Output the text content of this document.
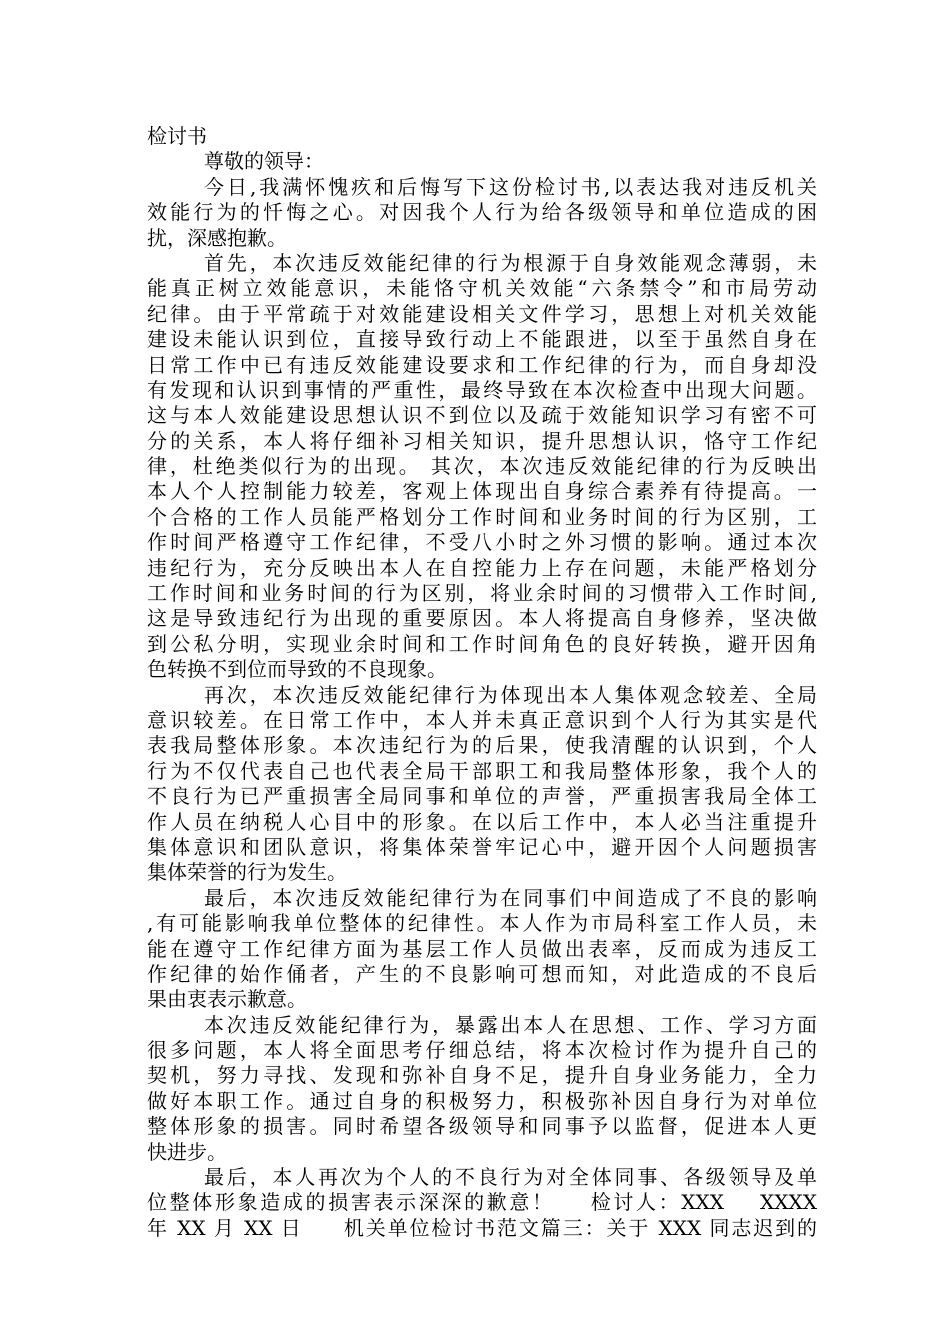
检讨书
尊敬的领导：
今日,我满怀愧疚和后悔写下这份检讨书,以表达我对违反机关
效能行为的忏悔之心。对因我个人行为给各级领导和单位造成的困
扰，深感抱歉。
首先，本次违反效能纪律的行为根源于自身效能观念薄弱，未
能真正树立效能意识，未能恪守机关效能“六条禁令”和市局劳动
纪律。由于平常疏于对效能建设相关文件学习，思想上对机关效能
建设未能认识到位，直接导致行动上不能跟进，以至于虽然自身在
日常工作中已有违反效能建设要求和工作纪律的行为，而自身却没
有发现和认识到事情的严重性，最终导致在本次检查中出现大问题。
这与本人效能建设思想认识不到位以及疏于效能知识学习有密不可
分的关系，本人将仔细补习相关知识，提升思想认识，恪守工作纪
律，杜绝类似行为的出现。 其次，本次违反效能纪律的行为反映出
本人个人控制能力较差，客观上体现出自身综合素养有待提高。一
个合格的工作人员能严格划分工作时间和业务时间的行为区别，工
作时间严格遵守工作纪律，不受八小时之外习惯的影响。通过本次
违纪行为，充分反映出本人在自控能力上存在问题，未能严格划分
工作时间和业务时间的行为区别，将业余时间的习惯带入工作时间,
这是导致违纪行为出现的重要原因。本人将提高自身修养，坚决做
到公私分明，实现业余时间和工作时间角色的良好转换，避开因角
色转换不到位而导致的不良现象。
再次，本次违反效能纪律行为体现出本人集体观念较差、全局
意识较差。在日常工作中，本人并未真正意识到个人行为其实是代
表我局整体形象。本次违纪行为的后果，使我清醒的认识到，个人
行为不仅代表自己也代表全局干部职工和我局整体形象，我个人的
不良行为已严重损害全局同事和单位的声誉，严重损害我局全体工
作人员在纳税人心目中的形象。在以后工作中，本人必当注重提升
集体意识和团队意识，将集体荣誉牢记心中，避开因个人问题损害
集体荣誉的行为发生。
最后，本次违反效能纪律行为在同事们中间造成了不良的影响
,有可能影响我单位整体的纪律性。本人作为市局科室工作人员，未
能在遵守工作纪律方面为基层工作人员做出表率，反而成为违反工
作纪律的始作俑者，产生的不良影响可想而知，对此造成的不良后
果由衷表示歉意。
本次违反效能纪律行为，暴露出本人在思想、工作、学习方面
很多问题，本人将全面思考仔细总结，将本次检讨作为提升自己的
契机，努力寻找、发现和弥补自身不足，提升自身业务能力，全力
做好本职工作。通过自身的积极努力，积极弥补因自身行为对单位
整体形象的损害。同时希望各级领导和同事予以监督，促进本人更
快进步。
最后，本人再次为个人的不良行为对全体同事、各级领导及单
位整体形象造成的损害表示深深的歉意！    检讨人：XXX    XXXX
年 XX 月 XX 日     机关单位检讨书范文篇三：关于 XXX 同志迟到的
